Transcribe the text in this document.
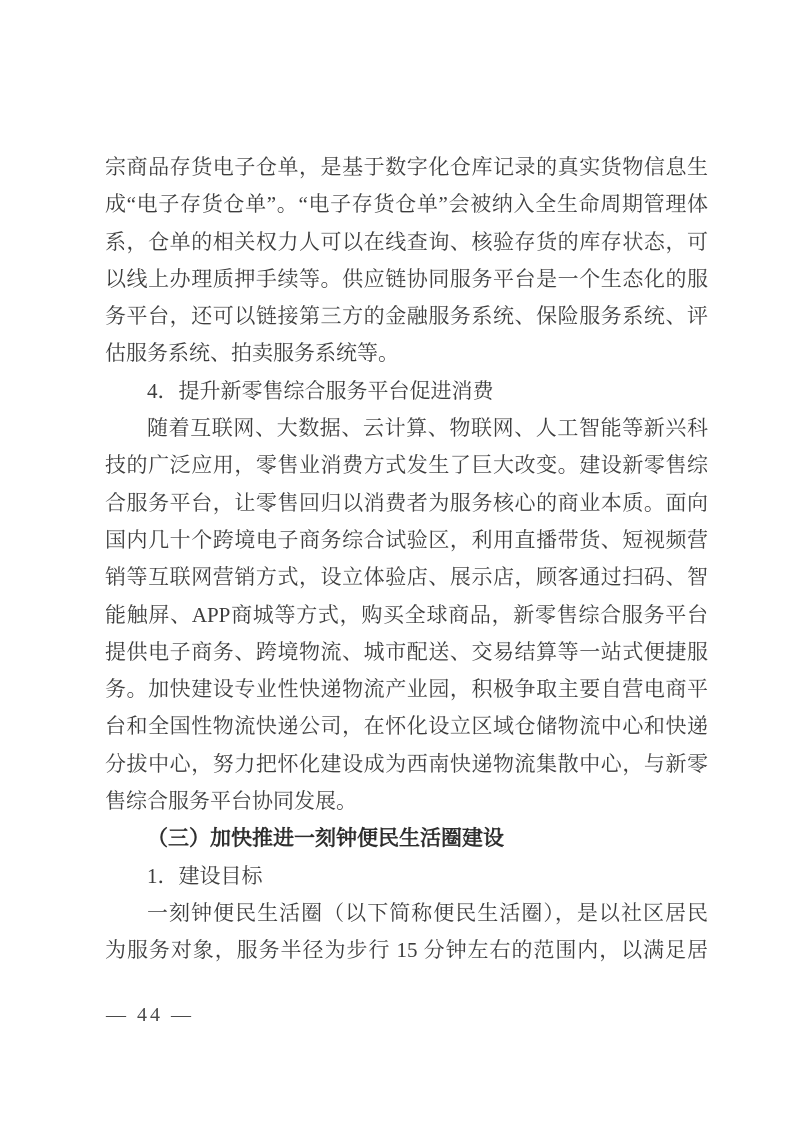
宗商品存货电子仓单，是基于数字化仓库记录的真实货物信息生
成“电子存货仓单”。“电子存货仓单”会被纳入全生命周期管理体
系，仓单的相关权力人可以在线查询、核验存货的库存状态，可
以线上办理质押手续等。供应链协同服务平台是一个生态化的服
务平台，还可以链接第三方的金融服务系统、保险服务系统、评
估服务系统、拍卖服务系统等。
4．提升新零售综合服务平台促进消费
随着互联网、大数据、云计算、物联网、人工智能等新兴科
技的广泛应用，零售业消费方式发生了巨大改变。建设新零售综
合服务平台，让零售回归以消费者为服务核心的商业本质。面向
国内几十个跨境电子商务综合试验区，利用直播带货、短视频营
销等互联网营销方式，设立体验店、展示店，顾客通过扫码、智
能触屏、APP商城等方式，购买全球商品，新零售综合服务平台
提供电子商务、跨境物流、城市配送、交易结算等一站式便捷服
务。加快建设专业性快递物流产业园，积极争取主要自营电商平
台和全国性物流快递公司，在怀化设立区域仓储物流中心和快递
分拔中心，努力把怀化建设成为西南快递物流集散中心，与新零
售综合服务平台协同发展。
（三）加快推进一刻钟便民生活圈建设
1．建设目标
一刻钟便民生活圈（以下简称便民生活圈），是以社区居民
为服务对象，服务半径为步行 15 分钟左右的范围内，以满足居
— 44 —
